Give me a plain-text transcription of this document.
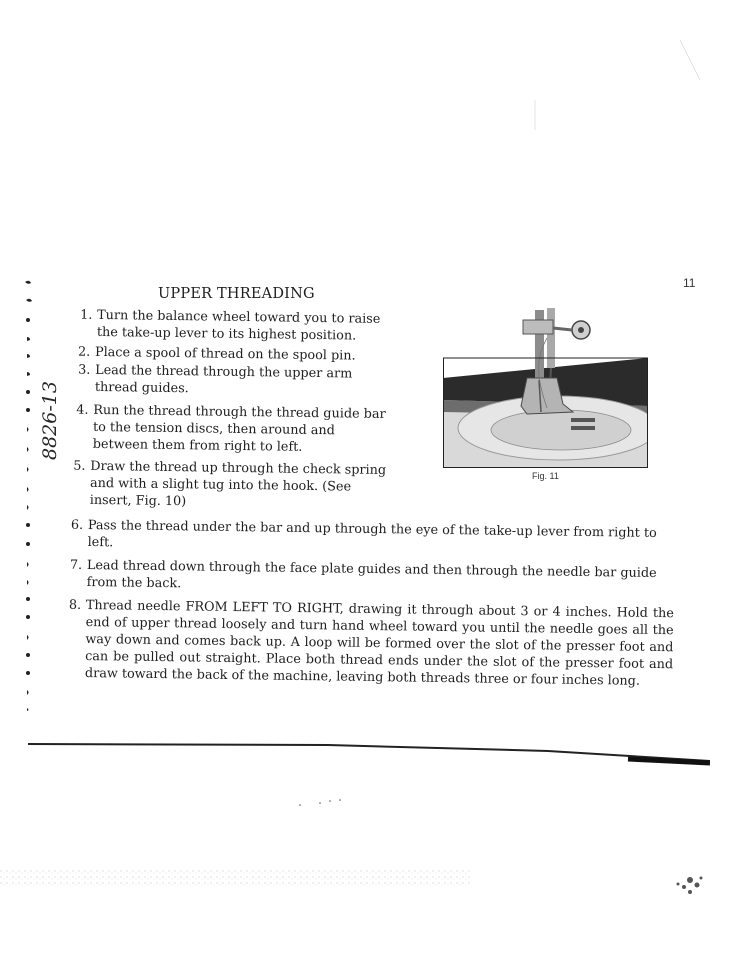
11
UPPER THREADING
1. Turn the balance wheel toward you to raise the take-up lever to its highest position.
2. Place a spool of thread on the spool pin.
3. Lead the thread through the upper arm thread guides.
4. Run the thread through the thread guide bar to the tension discs, then around and between them from right to left.
5. Draw the thread up through the check spring and with a slight tug into the hook. (See insert, Fig. 10)
6. Pass the thread under the bar and up through the eye of the take-up lever from right to left.
7. Lead thread down through the face plate guides and then through the needle bar guide from the back.
8. Thread needle FROM LEFT TO RIGHT, drawing it through about 3 or 4 inches. Hold the end of upper thread loosely and turn hand wheel toward you until the needle goes all the way down and comes back up. A loop will be formed over the slot of the presser foot and can be pulled out straight. Place both thread ends under the slot of the presser foot and draw toward the back of the machine, leaving both threads three or four inches long.
Fig. 11
8826-13
